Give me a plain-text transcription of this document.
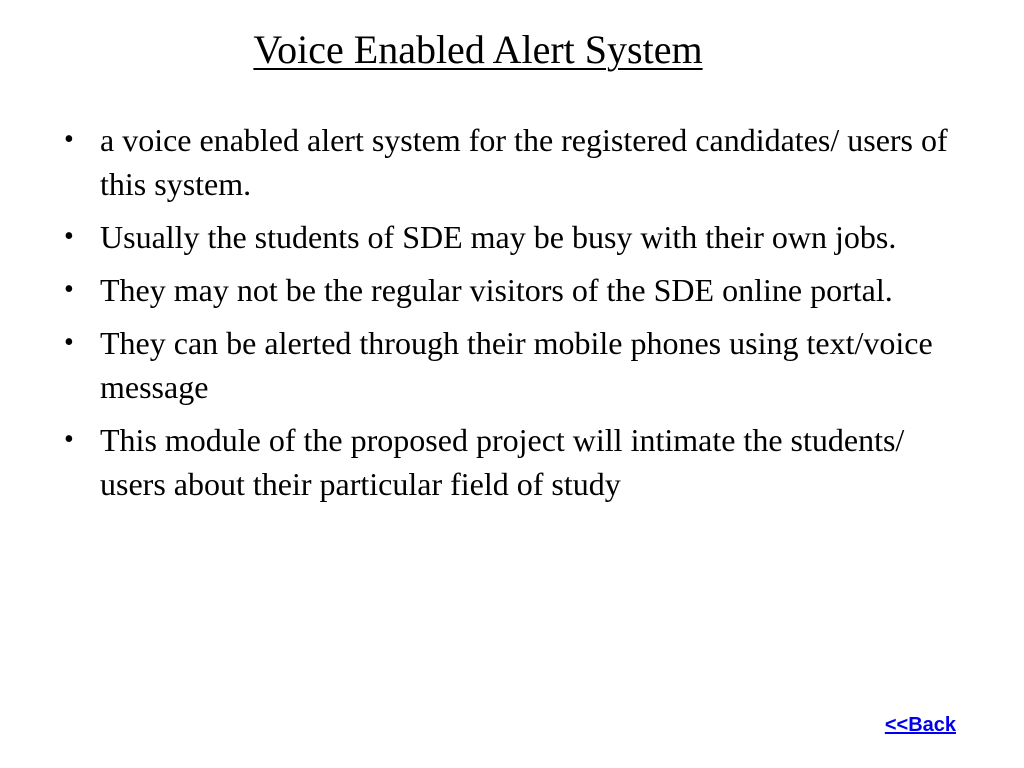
Voice Enabled Alert System
• a voice enabled alert system for the registered candidates/ users of this system.
• Usually the students of SDE may be busy with their own jobs.
• They may not be the regular visitors of the SDE online portal.
• They can be alerted through their mobile phones using text/voice message
• This module of the proposed project will intimate the students/ users about their particular field of study
<<Back
